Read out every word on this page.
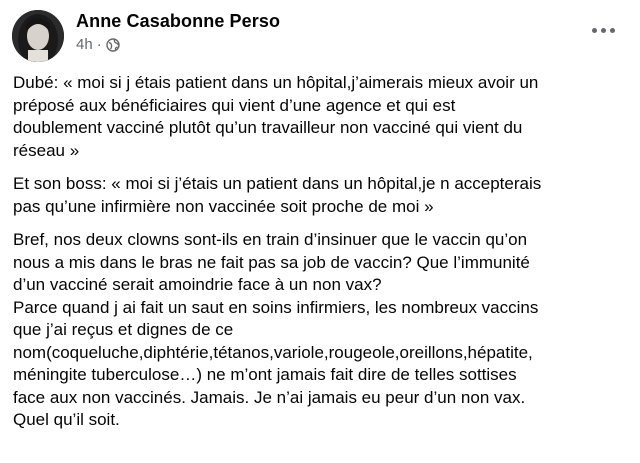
Anne Casabonne Perso
4h ·
Dubé: « moi si j étais patient dans un hôpital,j’aimerais mieux avoir un
préposé aux bénéficiaires qui vient d’une agence et qui est
doublement vacciné plutôt qu’un travailleur non vacciné qui vient du
réseau »
Et son boss: « moi si j’étais un patient dans un hôpital,je n accepterais
pas qu’une infirmière non vaccinée soit proche de moi »
Bref, nos deux clowns sont-ils en train d’insinuer que le vaccin qu’on
nous a mis dans le bras ne fait pas sa job de vaccin? Que l’immunité
d’un vacciné serait amoindrie face à un non vax?
Parce quand j ai fait un saut en soins infirmiers, les nombreux vaccins
que j’ai reçus et dignes de ce
nom(coqueluche,diphtérie,tétanos,variole,rougeole,oreillons,hépatite,
méningite tuberculose…) ne m’ont jamais fait dire de telles sottises
face aux non vaccinés. Jamais. Je n’ai jamais eu peur d’un non vax.
Quel qu’il soit.
